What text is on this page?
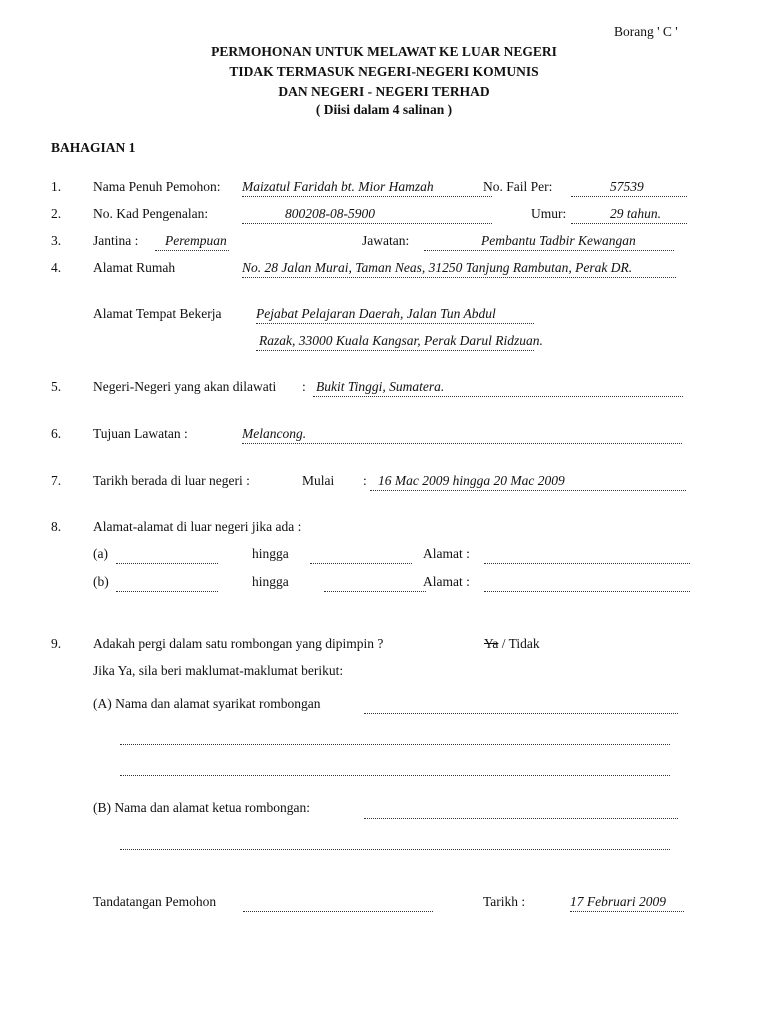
Borang ' C '
PERMOHONAN UNTUK MELAWAT KE LUAR NEGERI
TIDAK TERMASUK NEGERI-NEGERI KOMUNIS
DAN NEGERI - NEGERI TERHAD
( Diisi dalam 4 salinan )
BAHAGIAN 1
1. Nama Penuh Pemohon: Maizatul Faridah bt. Mior Hamzah	No. Fail Per:	57539
2. No. Kad Pengenalan:	800208-08-5900	Umur:	29 tahun.
3. Jantina : Perempuan	Jawatan:	Pembantu Tadbir Kewangan
4. Alamat Rumah	No. 28 Jalan Murai, Taman Neas, 31250 Tanjung Rambutan, Perak DR.
Alamat Tempat Bekerja	Pejabat Pelajaran Daerah, Jalan Tun Abdul
Razak, 33000 Kuala Kangsar, Perak Darul Ridzuan.
5. Negeri-Negeri yang akan dilawati : Bukit Tinggi, Sumatera.
6. Tujuan Lawatan :	Melancong.
7. Tarikh berada di luar negeri :	Mulai : 16 Mac 2009 hingga 20 Mac 2009
8. Alamat-alamat di luar negeri jika ada :
(a)	hingga	Alamat :
(b)	hingga	Alamat :
9. Adakah pergi dalam satu rombongan yang dipimpin ?	Ya / Tidak
Jika Ya, sila beri maklumat-maklumat berikut:
(A) Nama dan alamat syarikat rombongan
(B) Nama dan alamat ketua rombongan:
Tandatangan Pemohon	Tarikh :	17 Februari 2009
